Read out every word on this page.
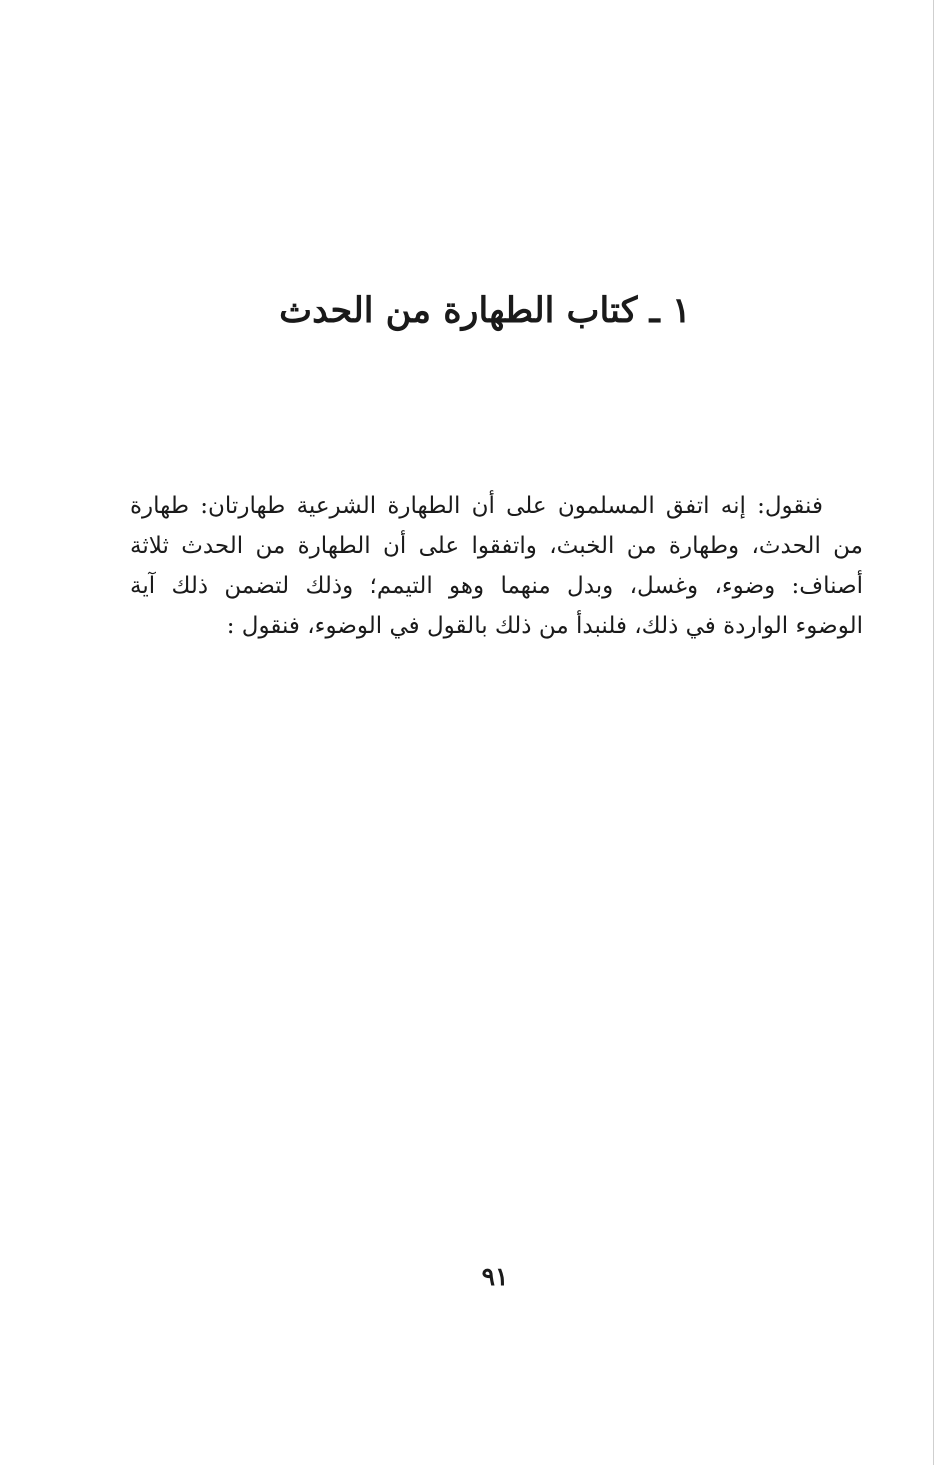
١ ـ كتاب الطهارة من الحدث
فنقول: إنه اتفق المسلمون على أن الطهارة الشرعية طهارتان: طهارة
من الحدث، وطهارة من الخبث، واتفقوا على أن الطهارة من الحدث ثلاثة
أصناف: وضوء، وغسل، وبدل منهما وهو التيمم؛ وذلك لتضمن ذلك آية
الوضوء الواردة في ذلك، فلنبدأ من ذلك بالقول في الوضوء، فنقول :
٩١
